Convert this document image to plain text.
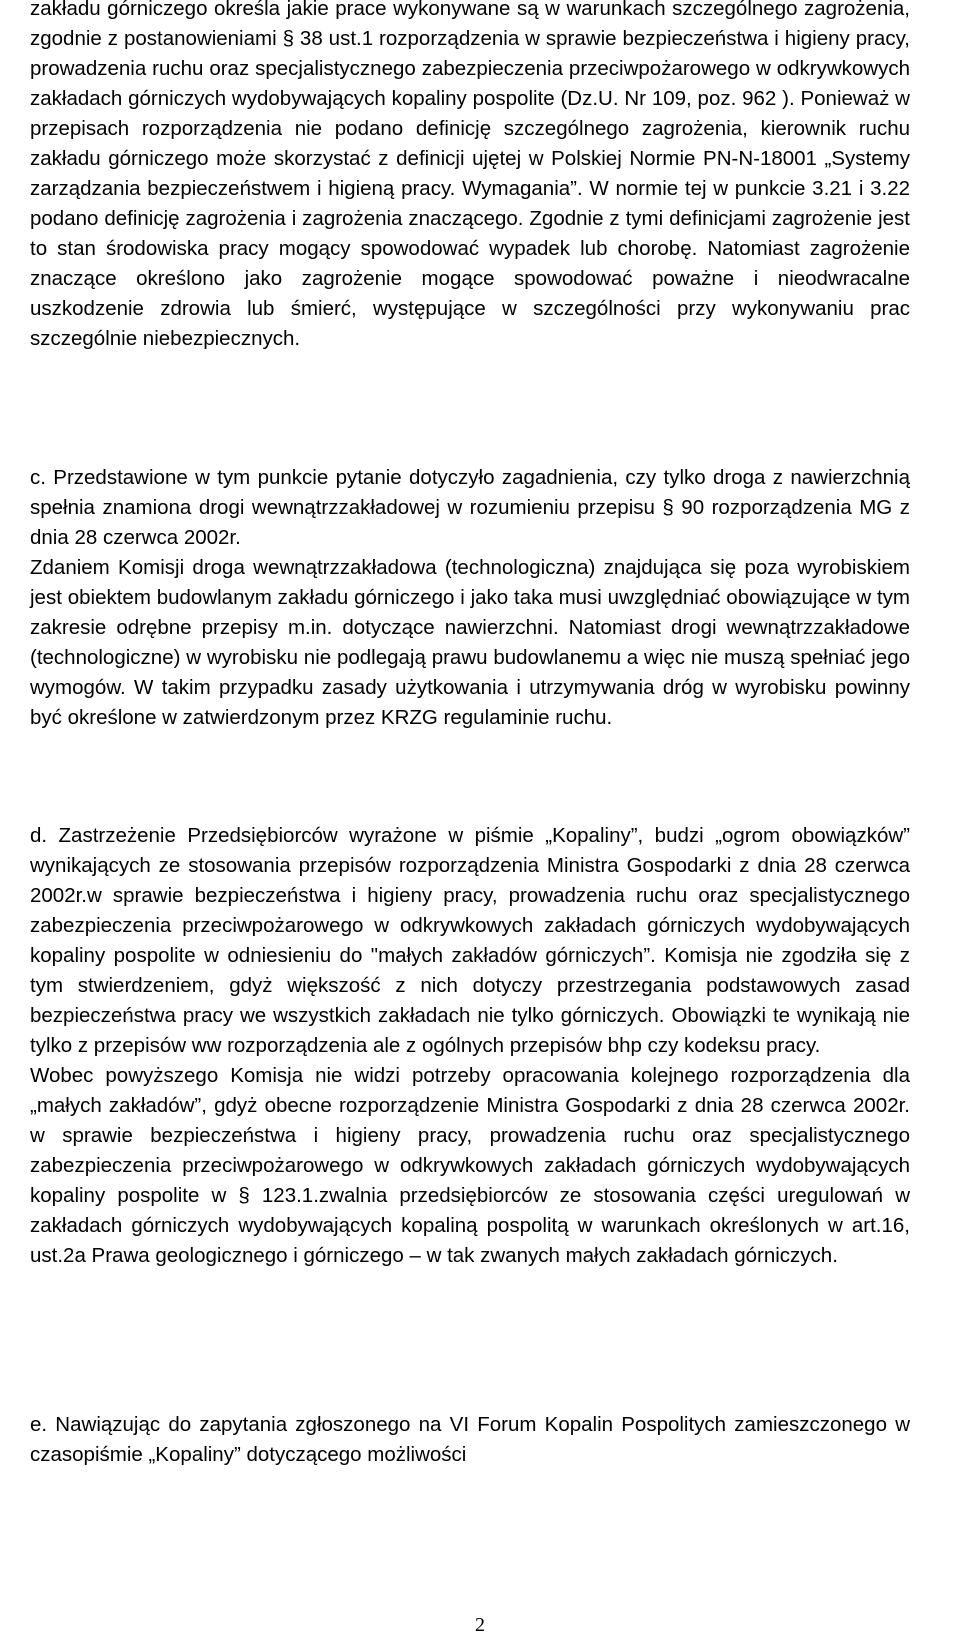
zakładu górniczego określa jakie prace wykonywane są w warunkach szczególnego zagrożenia, zgodnie z postanowieniami § 38 ust.1 rozporządzenia w sprawie bezpieczeństwa i higieny pracy, prowadzenia ruchu oraz specjalistycznego zabezpieczenia przeciwpożarowego w odkrywkowych zakładach górniczych wydobywających kopaliny pospolite (Dz.U. Nr 109, poz. 962 ). Ponieważ w przepisach rozporządzenia nie podano definicję szczególnego zagrożenia, kierownik ruchu zakładu górniczego może skorzystać z definicji ujętej w Polskiej Normie PN-N-18001 „Systemy zarządzania bezpieczeństwem i higieną pracy. Wymagania”. W normie tej w punkcie 3.21 i 3.22 podano definicję zagrożenia i zagrożenia znaczącego. Zgodnie z tymi definicjami zagrożenie jest to stan środowiska pracy mogący spowodować wypadek lub chorobę. Natomiast zagrożenie znaczące określono jako zagrożenie mogące spowodować poważne i nieodwracalne uszkodzenie zdrowia lub śmierć, występujące w szczególności przy wykonywaniu prac szczególnie niebezpiecznych.

c. Przedstawione w tym punkcie pytanie dotyczyło zagadnienia, czy tylko droga z nawierzchnią spełnia znamiona drogi wewnątrzzakładowej w rozumieniu przepisu § 90 rozporządzenia MG z dnia 28 czerwca 2002r.

Zdaniem Komisji droga wewnątrzzakładowa (technologiczna) znajdująca się poza wyrobiskiem jest obiektem budowlanym zakładu górniczego i jako taka musi uwzględniać obowiązujące w tym zakresie odrębne przepisy m.in. dotyczące nawierzchni. Natomiast drogi wewnątrzzakładowe (technologiczne) w wyrobisku nie podlegają prawu budowlanemu a więc nie muszą spełniać jego wymogów. W takim przypadku zasady użytkowania i utrzymywania dróg w wyrobisku powinny być określone w zatwierdzonym przez KRZG regulaminie ruchu.

d. Zastrzeżenie Przedsiębiorców wyrażone w piśmie „Kopaliny”, budzi „ogrom obowiązków” wynikających ze stosowania przepisów rozporządzenia Ministra Gospodarki z dnia 28 czerwca 2002r.w sprawie bezpieczeństwa i higieny pracy, prowadzenia ruchu oraz specjalistycznego zabezpieczenia przeciwpożarowego w odkrywkowych zakładach górniczych wydobywających kopaliny pospolite w odniesieniu do "małych zakładów górniczych”. Komisja nie zgodziła się z tym stwierdzeniem, gdyż większość z nich dotyczy przestrzegania podstawowych zasad bezpieczeństwa pracy we wszystkich zakładach nie tylko górniczych. Obowiązki te wynikają nie tylko z przepisów ww rozporządzenia ale z ogólnych przepisów bhp czy kodeksu pracy.

Wobec powyższego Komisja nie widzi potrzeby opracowania kolejnego rozporządzenia dla „małych zakładów”, gdyż obecne rozporządzenie Ministra Gospodarki z dnia 28 czerwca 2002r. w sprawie bezpieczeństwa i higieny pracy, prowadzenia ruchu oraz specjalistycznego zabezpieczenia przeciwpożarowego w odkrywkowych zakładach górniczych wydobywających kopaliny pospolite w § 123.1.zwalnia przedsiębiorców ze stosowania części uregulowań w zakładach górniczych wydobywających kopaliną pospolitą w warunkach określonych w art.16, ust.2a Prawa geologicznego i górniczego – w tak zwanych małych zakładach górniczych.

e. Nawiązując do zapytania zgłoszonego na VI Forum Kopalin Pospolitych zamieszczonego w czasopiśmie „Kopaliny” dotyczącego możliwości

2
